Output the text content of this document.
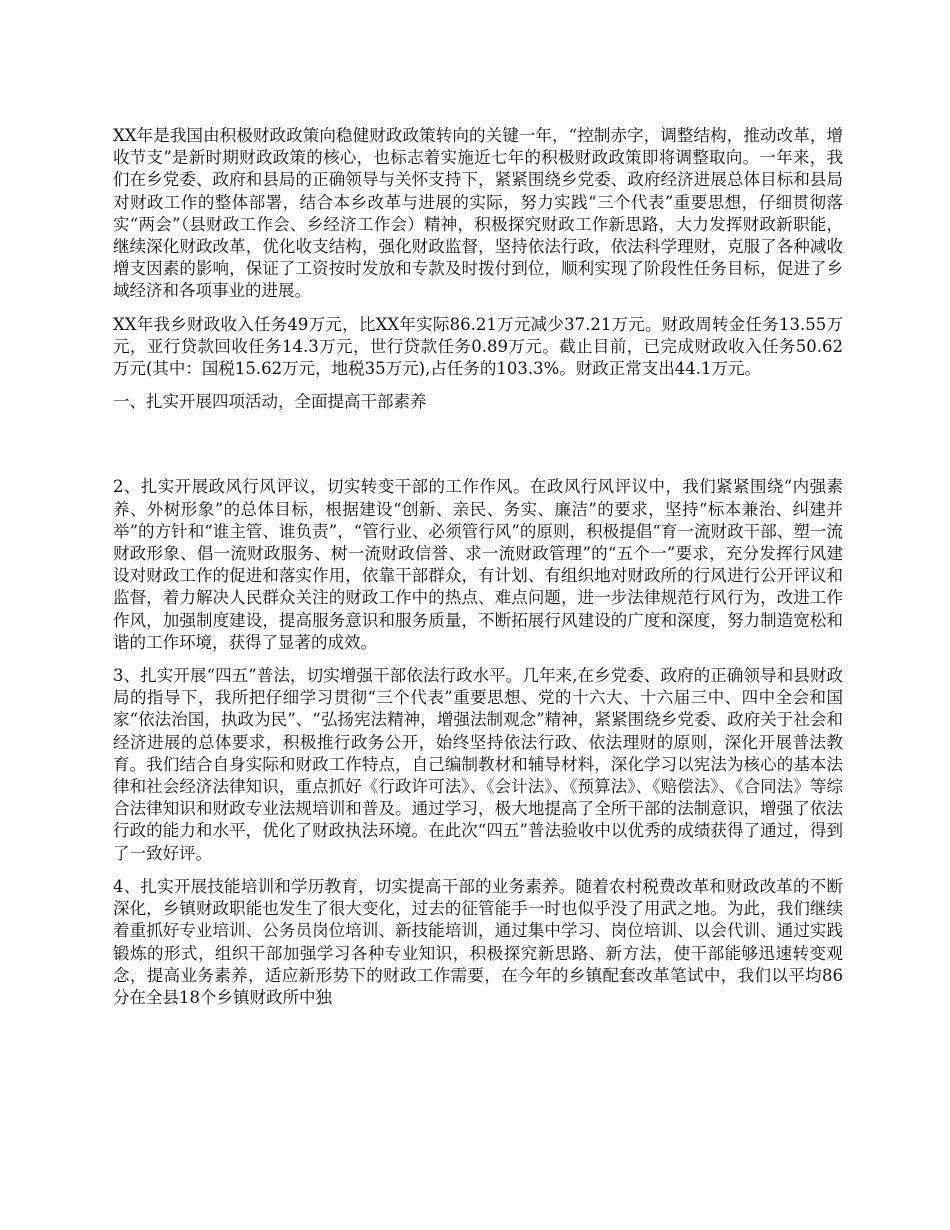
XX年是我国由积极财政政策向稳健财政政策转向的关键一年，“控制赤字，调整结构，推动改革，增收节支”是新时期财政政策的核心，也标志着实施近七年的积极财政政策即将调整取向。一年来，我们在乡党委、政府和县局的正确领导与关怀支持下，紧紧围绕乡党委、政府经济进展总体目标和县局对财政工作的整体部署，结合本乡改革与进展的实际，努力实践“三个代表”重要思想，仔细贯彻落实“两会”（县财政工作会、乡经济工作会）精神，积极探究财政工作新思路，大力发挥财政新职能，继续深化财政改革，优化收支结构，强化财政监督，坚持依法行政，依法科学理财，克服了各种减收增支因素的影响，保证了工资按时发放和专款及时拨付到位，顺利实现了阶段性任务目标，促进了乡域经济和各项事业的进展。

XX年我乡财政收入任务49万元，比XX年实际86.21万元减少37.21万元。财政周转金任务13.55万元，亚行贷款回收任务14.3万元，世行贷款任务0.89万元。截止目前，已完成财政收入任务50.62万元(其中：国税15.62万元，地税35万元),占任务的103.3%。财政正常支出44.1万元。

一、扎实开展四项活动，全面提高干部素养

2、扎实开展政风行风评议，切实转变干部的工作作风。在政风行风评议中，我们紧紧围绕“内强素养、外树形象”的总体目标，根据建设“创新、亲民、务实、廉洁”的要求，坚持“标本兼治、纠建并举”的方针和“谁主管、谁负责”，“管行业、必须管行风”的原则，积极提倡“育一流财政干部、塑一流财政形象、倡一流财政服务、树一流财政信誉、求一流财政管理”的“五个一”要求，充分发挥行风建设对财政工作的促进和落实作用，依靠干部群众，有计划、有组织地对财政所的行风进行公开评议和监督，着力解决人民群众关注的财政工作中的热点、难点问题，进一步法律规范行风行为，改进工作作风，加强制度建设，提高服务意识和服务质量，不断拓展行风建设的广度和深度，努力制造宽松和谐的工作环境，获得了显著的成效。

3、扎实开展“四五”普法，切实增强干部依法行政水平。几年来,在乡党委、政府的正确领导和县财政局的指导下，我所把仔细学习贯彻“三个代表”重要思想、党的十六大、十六届三中、四中全会和国家“依法治国，执政为民”、“弘扬宪法精神，增强法制观念”精神，紧紧围绕乡党委、政府关于社会和经济进展的总体要求，积极推行政务公开，始终坚持依法行政、依法理财的原则，深化开展普法教育。我们结合自身实际和财政工作特点，自己编制教材和辅导材料，深化学习以宪法为核心的基本法律和社会经济法律知识，重点抓好《行政许可法》、《会计法》、《预算法》、《赔偿法》、《合同法》等综合法律知识和财政专业法规培训和普及。通过学习，极大地提高了全所干部的法制意识，增强了依法行政的能力和水平，优化了财政执法环境。在此次“四五”普法验收中以优秀的成绩获得了通过，得到了一致好评。

4、扎实开展技能培训和学历教育，切实提高干部的业务素养。随着农村税费改革和财政改革的不断深化，乡镇财政职能也发生了很大变化，过去的征管能手一时也似乎没了用武之地。为此，我们继续着重抓好专业培训、公务员岗位培训、新技能培训，通过集中学习、岗位培训、以会代训、通过实践锻炼的形式，组织干部加强学习各种专业知识，积极探究新思路、新方法，使干部能够迅速转变观念，提高业务素养，适应新形势下的财政工作需要，在今年的乡镇配套改革笔试中，我们以平均86分在全县18个乡镇财政所中独
